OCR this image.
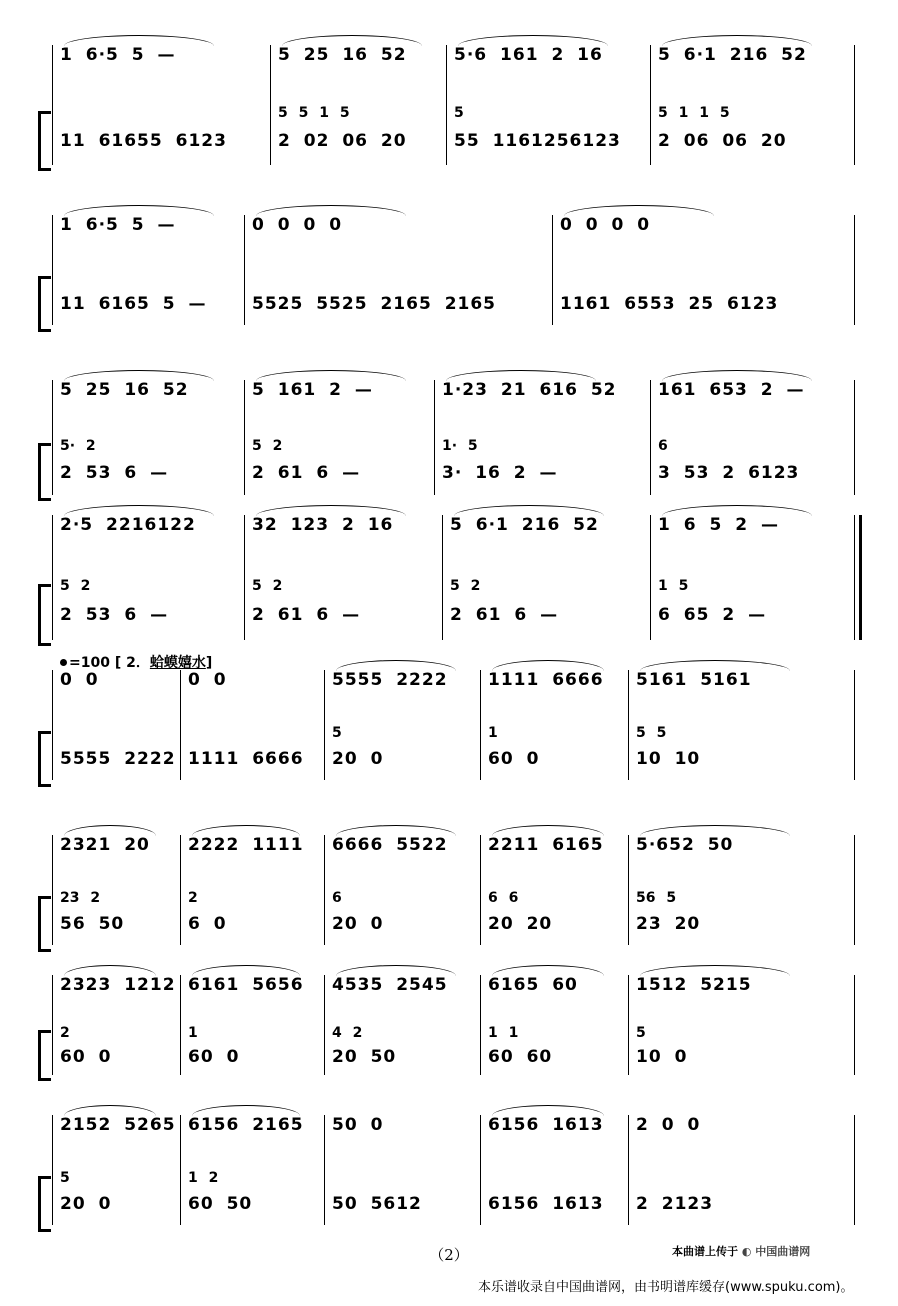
1 6·5 5 —
11 61655 6123
5 25 16 52
5 5 1 5
2 02 06 20
5·6 161 2 16
5
55 1161256123
5 6·1 216 52
5 1 1 5
2 06 06 20
1 6·5 5 —
11 6165 5 —
0 0 0 0
5525 5525 2165 2165
0 0 0 0
1161 6553 25 6123
5 25 16 52
5· 2
2 53 6 —
5 161 2 —
5 2
2 61 6 —
1·23 21 616 52
1· 5
3· 16 2 —
161 653 2 —
6
3 53 2 6123
2·5 2216122
5 2
2 53 6 —
32 123 2 16
5 2
2 61 6 —
5 6·1 216 52
5 2
2 61 6 —
1 6 5 2 —
1 5
6 65 2 —
0 0
5555 2222
0 0
1111 6666
5555 2222
5
20 0
1111 6666
1
60 0
5161 5161
5 5
10 10
2321 20
23 2
56 50
2222 1111
2
6 0
6666 5522
6
20 0
2211 6165
6 6
20 20
5·652 50
56 5
23 20
2323 1212
2
60 0
6161 5656
1
60 0
4535 2545
4 2
20 50
6165 60
1 1
60 60
1512 5215
5
10 0
2152 5265
5
20 0
6156 2165
1 2
60 50
50 0
50 5612
6156 1613
6156 1613
2 0 0
2 2123
=100 [ 2．蛤蟆嬉水]
（2）	本曲谱上传于 ◐ 中国曲谱网
本乐谱收录自中国曲谱网，由书明谱库缓存(www.spuku.com)。
